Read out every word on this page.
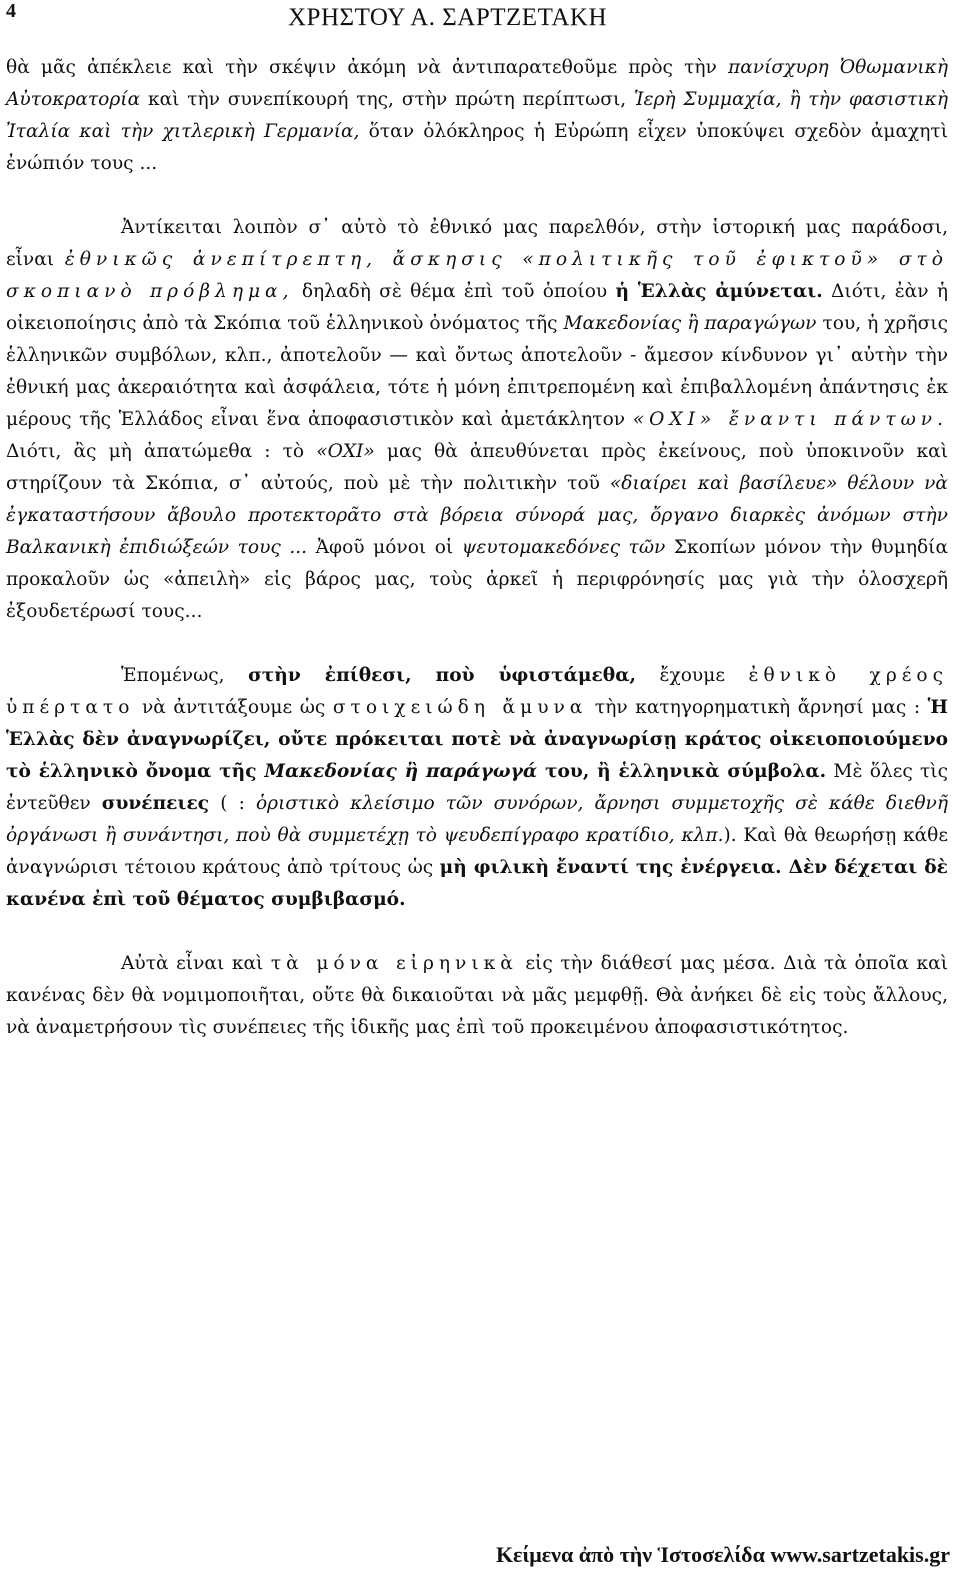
4	ΧΡΗΣΤΟΥ Α. ΣΑΡΤΖΕΤΑΚΗ

θὰ μᾶς ἀπέκλειε καὶ τὴν σκέψιν ἀκόμη νὰ ἀντιπαρατεθοῦμε πρὸς τὴν πανίσχυρη Ὀθωμανικὴ Αὐτοκρατορία καὶ τὴν συνεπίκουρή της, στὴν πρώτη περίπτωσι, Ἱερὴ Συμμαχία, ἢ τὴν φασιστικὴ Ἰταλία καὶ τὴν χιτλερικὴ Γερμανία, ὅταν ὁλόκληρος ἡ Εὐρώπη εἶχεν ὑποκύψει σχεδὸν ἀμαχητὶ ἐνώπιόν τους ...

Ἀντίκειται λοιπὸν σ᾽ αὐτὸ τὸ ἐθνικό μας παρελθόν, στὴν ἱστορική μας παράδοσι, εἶναι ἐθνικῶς ἀνεπίτρεπτη, ἄσκησις «πολιτικῆς τοῦ ἐφικτοῦ» στὸ σκοπιανὸ πρόβλημα, δηλαδὴ σὲ θέμα ἐπὶ τοῦ ὁποίου ἡ Ἑλλὰς ἀμύνεται. Διότι, ἐὰν ἡ οἰκειοποίησις ἀπὸ τὰ Σκόπια τοῦ ἑλληνικοὺ ὀνόματος τῆς Μακεδονίας ἢ παραγώγων του, ἡ χρῆσις ἑλληνικῶν συμβόλων, κλπ., ἀποτελοῦν — καὶ ὄντως ἀποτελοῦν - ἄμεσον κίνδυνον γι᾽ αὐτὴν τὴν ἐθνική μας ἀκεραιότητα καὶ ἀσφάλεια, τότε ἡ μόνη ἐπιτρεπομένη καὶ ἐπιβαλλομένη ἀπάντησις ἐκ μέρους τῆς Ἑλλάδος εἶναι ἕνα ἀποφασιστικὸν καὶ ἀμετάκλητον «ΟΧΙ» ἔναντι πάντων. Διότι, ἂς μὴ ἀπατώμεθα : τὸ «ΟΧΙ» μας θὰ ἀπευθύνεται πρὸς ἐκείνους, ποὺ ὑποκινοῦν καὶ στηρίζουν τὰ Σκόπια, σ᾽ αὐτούς, ποὺ μὲ τὴν πολιτικὴν τοῦ «διαίρει καὶ βασίλευε» θέλουν νὰ ἐγκαταστήσουν ἄβουλο προτεκτορᾶτο στὰ βόρεια σύνορά μας, ὄργανο διαρκὲς ἀνόμων στὴν Βαλκανικὴ ἐπιδιώξεών τους ... Ἀφοῦ μόνοι οἱ ψευτομακεδόνες τῶν Σκοπίων μόνον τὴν θυμηδία προκαλοῦν ὡς «ἀπειλὴ» εἰς βάρος μας, τοὺς ἀρκεῖ ἡ περιφρόνησίς μας γιὰ τὴν ὁλοσχερῆ ἐξουδετέρωσί τους...

Ἑπομένως, στὴν ἐπίθεσι, ποὺ ὑφιστάμεθα, ἔχουμε ἐθνικὸ χρέος ὑπέρτατο νὰ ἀντιτάξουμε ὡς στοιχειώδη ἄμυνα τὴν κατηγορηματικὴ ἄρνησί μας : Ἡ Ἑλλὰς δὲν ἀναγνωρίζει, οὔτε πρόκειται ποτὲ νὰ ἀναγνωρίσῃ κράτος οἰκειοποιούμενο τὸ ἑλληνικὸ ὄνομα τῆς Μακεδονίας ἢ παράγωγά του, ἢ ἑλληνικὰ σύμβολα. Μὲ ὅλες τὶς ἐντεῦθεν συνέπειες ( : ὁριστικὸ κλείσιμο τῶν συνόρων, ἄρνησι συμμετοχῆς σὲ κάθε διεθνῆ ὀργάνωσι ἢ συνάντησι, ποὺ θὰ συμμετέχῃ τὸ ψευδεπίγραφο κρατίδιο, κλπ.). Καὶ θὰ θεωρήσῃ κάθε ἀναγνώρισι τέτοιου κράτους ἀπὸ τρίτους ὡς μὴ φιλικὴ ἔναντί της ἐνέργεια. Δὲν δέχεται δὲ κανένα ἐπὶ τοῦ θέματος συμβιβασμό.

Αὐτὰ εἶναι καὶ τὰ μόνα εἰρηνικὰ εἰς τὴν διάθεσί μας μέσα. Διὰ τὰ ὁποῖα καὶ κανένας δὲν θὰ νομιμοποιῆται, οὔτε θὰ δικαιοῦται νὰ μᾶς μεμφθῇ. Θὰ ἀνήκει δὲ εἰς τοὺς ἄλλους, νὰ ἀναμετρήσουν τὶς συνέπειες τῆς ἰδικῆς μας ἐπὶ τοῦ προκειμένου ἀποφασιστικότητος.

Κείμενα ἀπὸ τὴν Ἱστοσελίδα www.sartzetakis.gr
